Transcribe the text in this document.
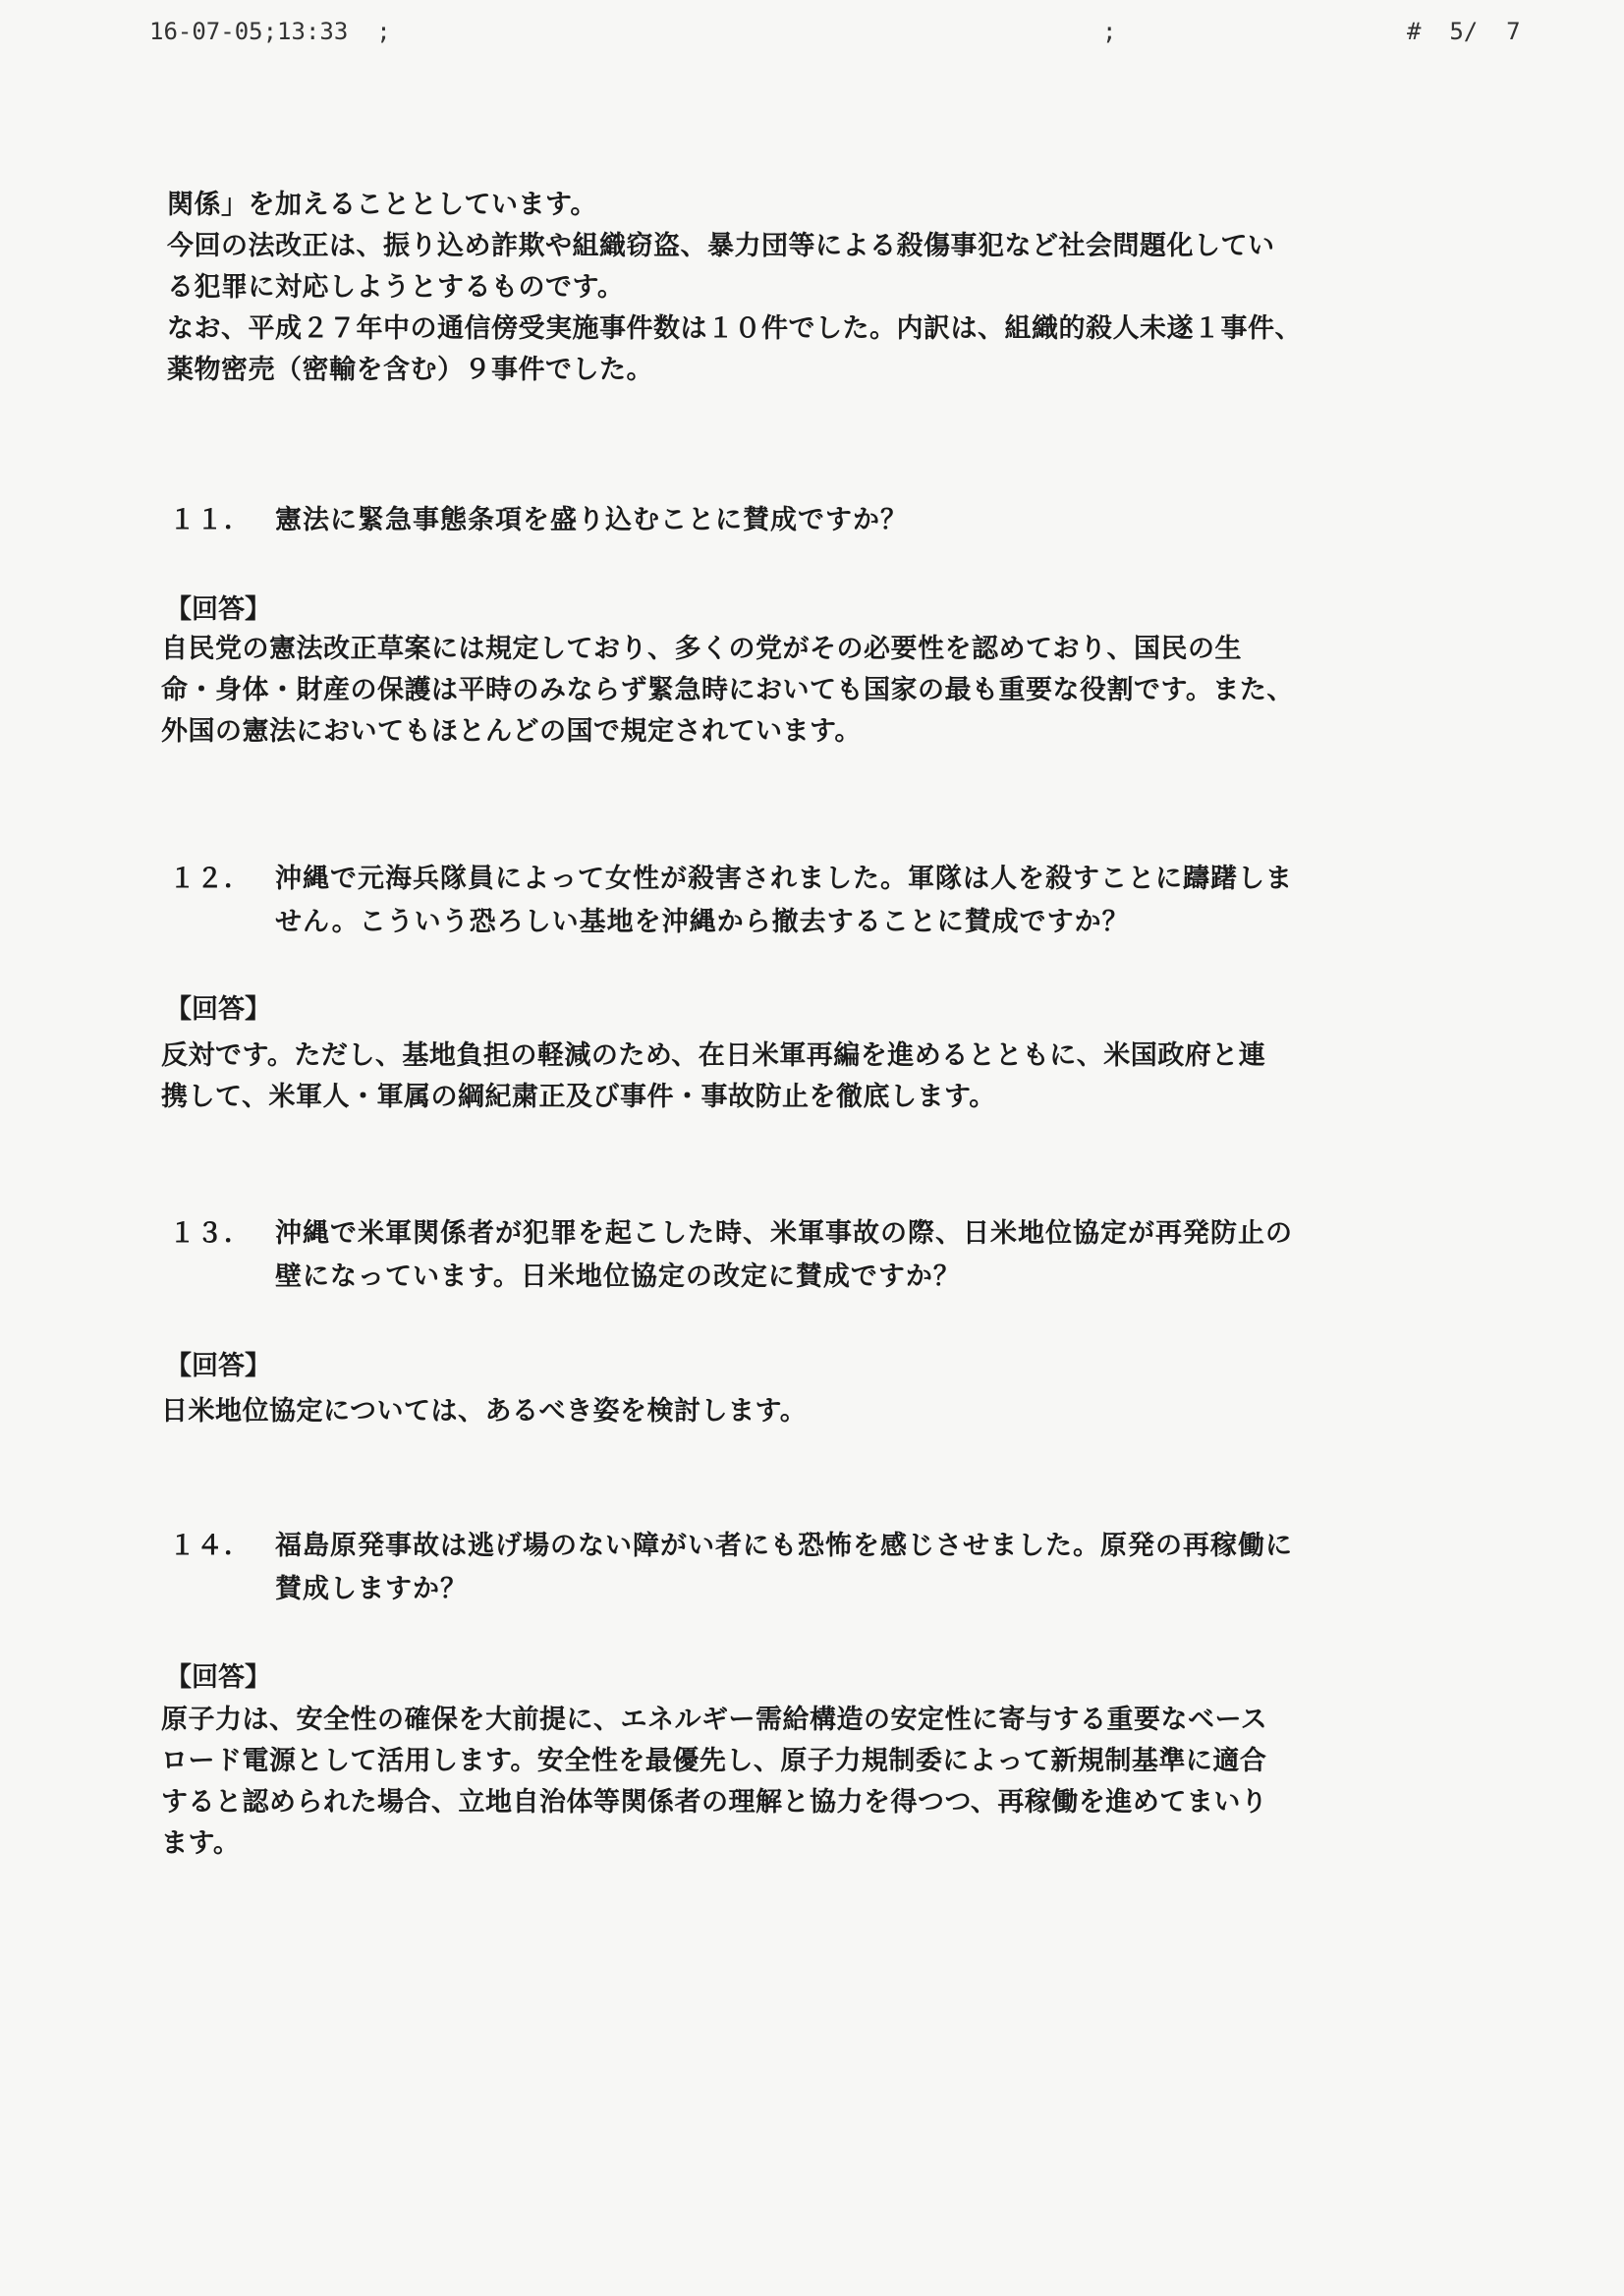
16-07-05;13:33  ;	;	#  5/  7

関係」を加えることとしています。

今回の法改正は、振り込め詐欺や組織窃盗、暴力団等による殺傷事犯など社会問題化してい

る犯罪に対応しようとするものです。

なお、平成２７年中の通信傍受実施事件数は１０件でした。内訳は、組織的殺人未遂１事件、

薬物密売（密輸を含む）９事件でした。

１１． 憲法に緊急事態条項を盛り込むことに賛成ですか？
【回答】
自民党の憲法改正草案には規定しており、多くの党がその必要性を認めており、国民の生
命・身体・財産の保護は平時のみならず緊急時においても国家の最も重要な役割です。また、
外国の憲法においてもほとんどの国で規定されています。
１２． 沖縄で元海兵隊員によって女性が殺害されました。軍隊は人を殺すことに躊躇しま
せん。こういう恐ろしい基地を沖縄から撤去することに賛成ですか？
【回答】
反対です。ただし、基地負担の軽減のため、在日米軍再編を進めるとともに、米国政府と連
携して、米軍人・軍属の綱紀粛正及び事件・事故防止を徹底します。
１３． 沖縄で米軍関係者が犯罪を起こした時、米軍事故の際、日米地位協定が再発防止の
壁になっています。日米地位協定の改定に賛成ですか？
【回答】
日米地位協定については、あるべき姿を検討します。
１４． 福島原発事故は逃げ場のない障がい者にも恐怖を感じさせました。原発の再稼働に
賛成しますか？
【回答】
原子力は、安全性の確保を大前提に、エネルギー需給構造の安定性に寄与する重要なベース
ロード電源として活用します。安全性を最優先し、原子力規制委によって新規制基準に適合
すると認められた場合、立地自治体等関係者の理解と協力を得つつ、再稼働を進めてまいり
ます。
